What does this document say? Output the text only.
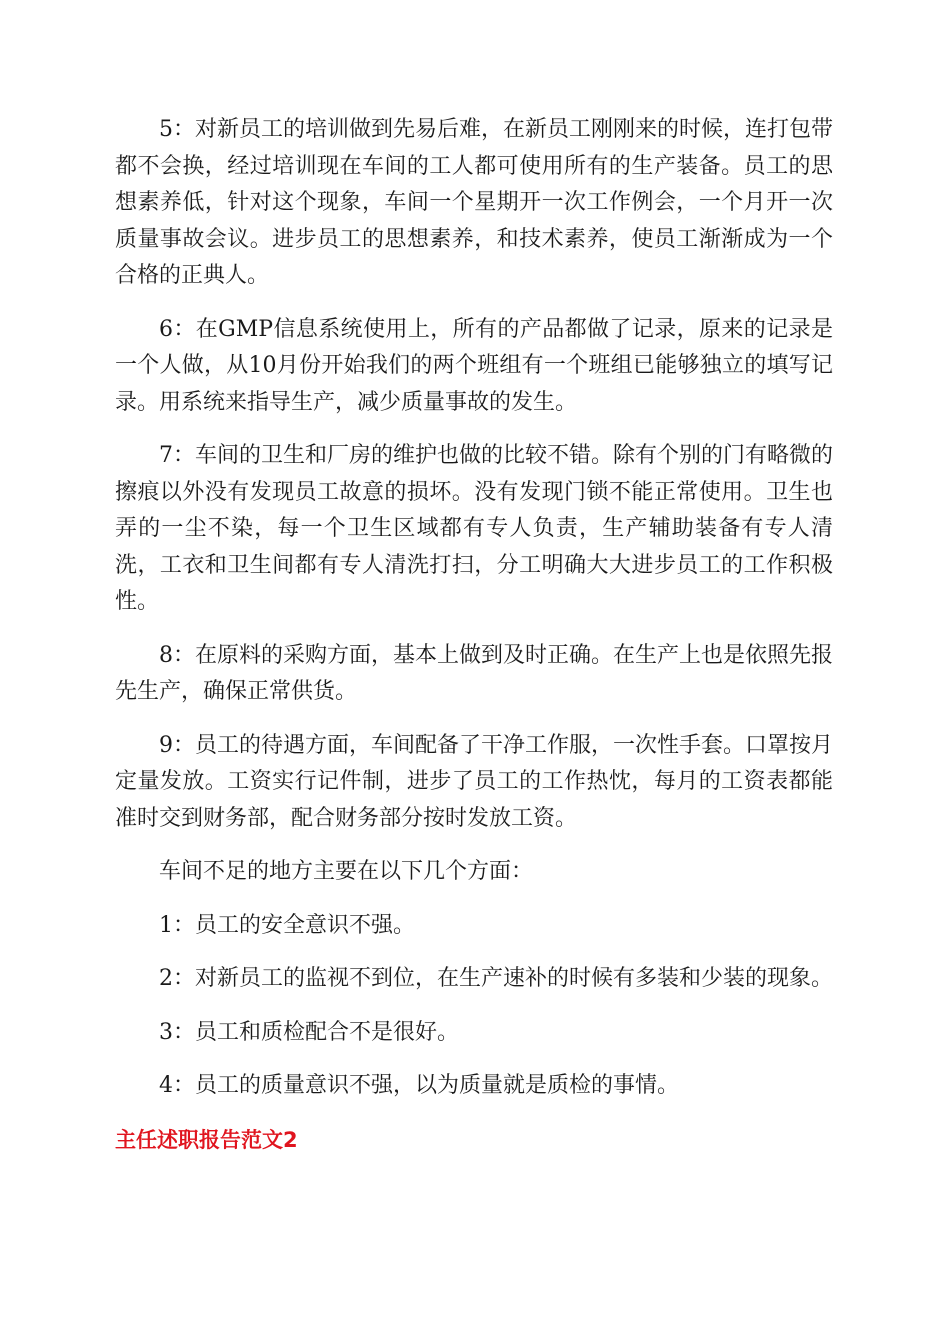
5：对新员工的培训做到先易后难，在新员工刚刚来的时候，连打包带都不会换，经过培训现在车间的工人都可使用所有的生产装备。员工的思想素养低，针对这个现象，车间一个星期开一次工作例会，一个月开一次质量事故会议。进步员工的思想素养，和技术素养，使员工渐渐成为一个合格的正典人。

6：在GMP信息系统使用上，所有的产品都做了记录，原来的记录是一个人做，从10月份开始我们的两个班组有一个班组已能够独立的填写记录。用系统来指导生产，减少质量事故的发生。

7：车间的卫生和厂房的维护也做的比较不错。除有个别的门有略微的擦痕以外没有发现员工故意的损坏。没有发现门锁不能正常使用。卫生也弄的一尘不染，每一个卫生区域都有专人负责，生产辅助装备有专人清洗，工衣和卫生间都有专人清洗打扫，分工明确大大进步员工的工作积极性。

8：在原料的采购方面，基本上做到及时正确。在生产上也是依照先报先生产，确保正常供货。

9：员工的待遇方面，车间配备了干净工作服，一次性手套。口罩按月定量发放。工资实行记件制，进步了员工的工作热忱，每月的工资表都能准时交到财务部，配合财务部分按时发放工资。

车间不足的地方主要在以下几个方面：

1：员工的安全意识不强。

2：对新员工的监视不到位，在生产速补的时候有多装和少装的现象。

3：员工和质检配合不是很好。

4：员工的质量意识不强，以为质量就是质检的事情。

主任述职报告范文2
